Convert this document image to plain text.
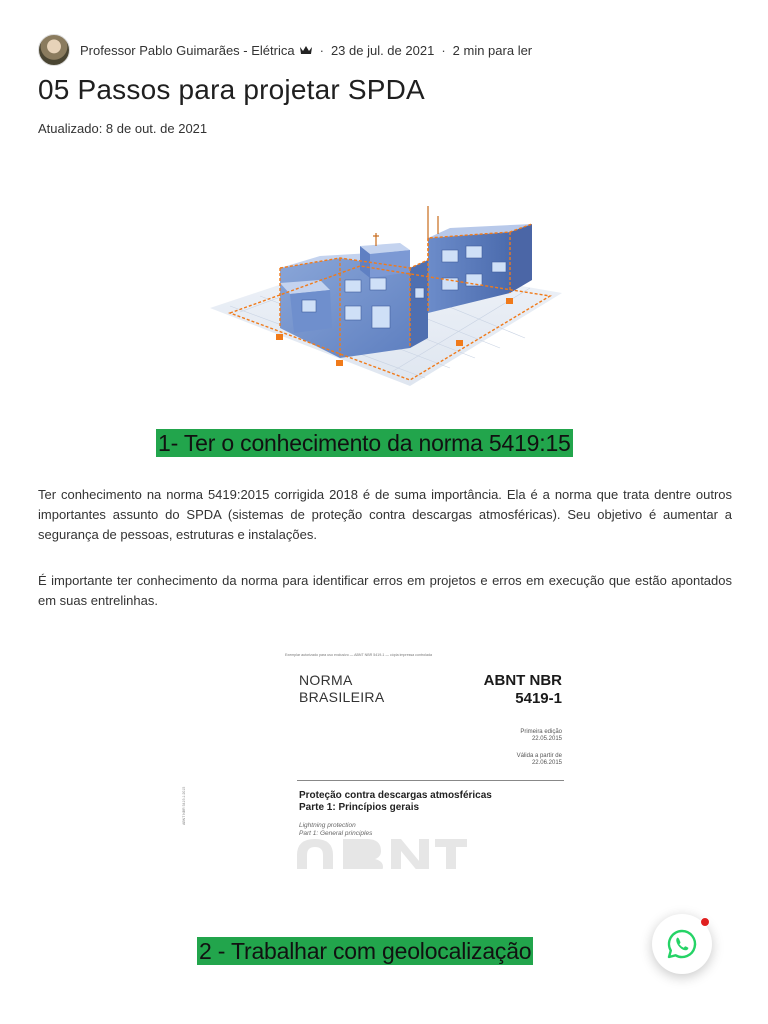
Professor Pablo Guimarães - Elétrica · 23 de jul. de 2021 · 2 min para ler
05 Passos para projetar SPDA
Atualizado: 8 de out. de 2021
1- Ter o conhecimento da norma 5419:15

Ter conhecimento na norma 5419:2015 corrigida 2018 é de suma importância. Ela é a norma que trata dentre outros importantes assunto do SPDA (sistemas de proteção contra descargas atmosféricas). Seu objetivo é aumentar a segurança de pessoas, estruturas e instalações.

É importante ter conhecimento da norma para identificar erros em projetos e erros em execução que estão apontados em suas entrelinhas.

Exemplar autorizado para uso exclusivo — ABNT NBR 5419-1 — cópia impressa controlada
ABNT NBR 5419-1:2015
NORMA
BRASILEIRA
ABNT NBR
5419-1
Primeira edição
22.05.2015
Válida a partir de
22.06.2015
Proteção contra descargas atmosféricas
Parte 1: Princípios gerais
Lightning protection
Part 1: General principles
2 - Trabalhar com geolocalização
